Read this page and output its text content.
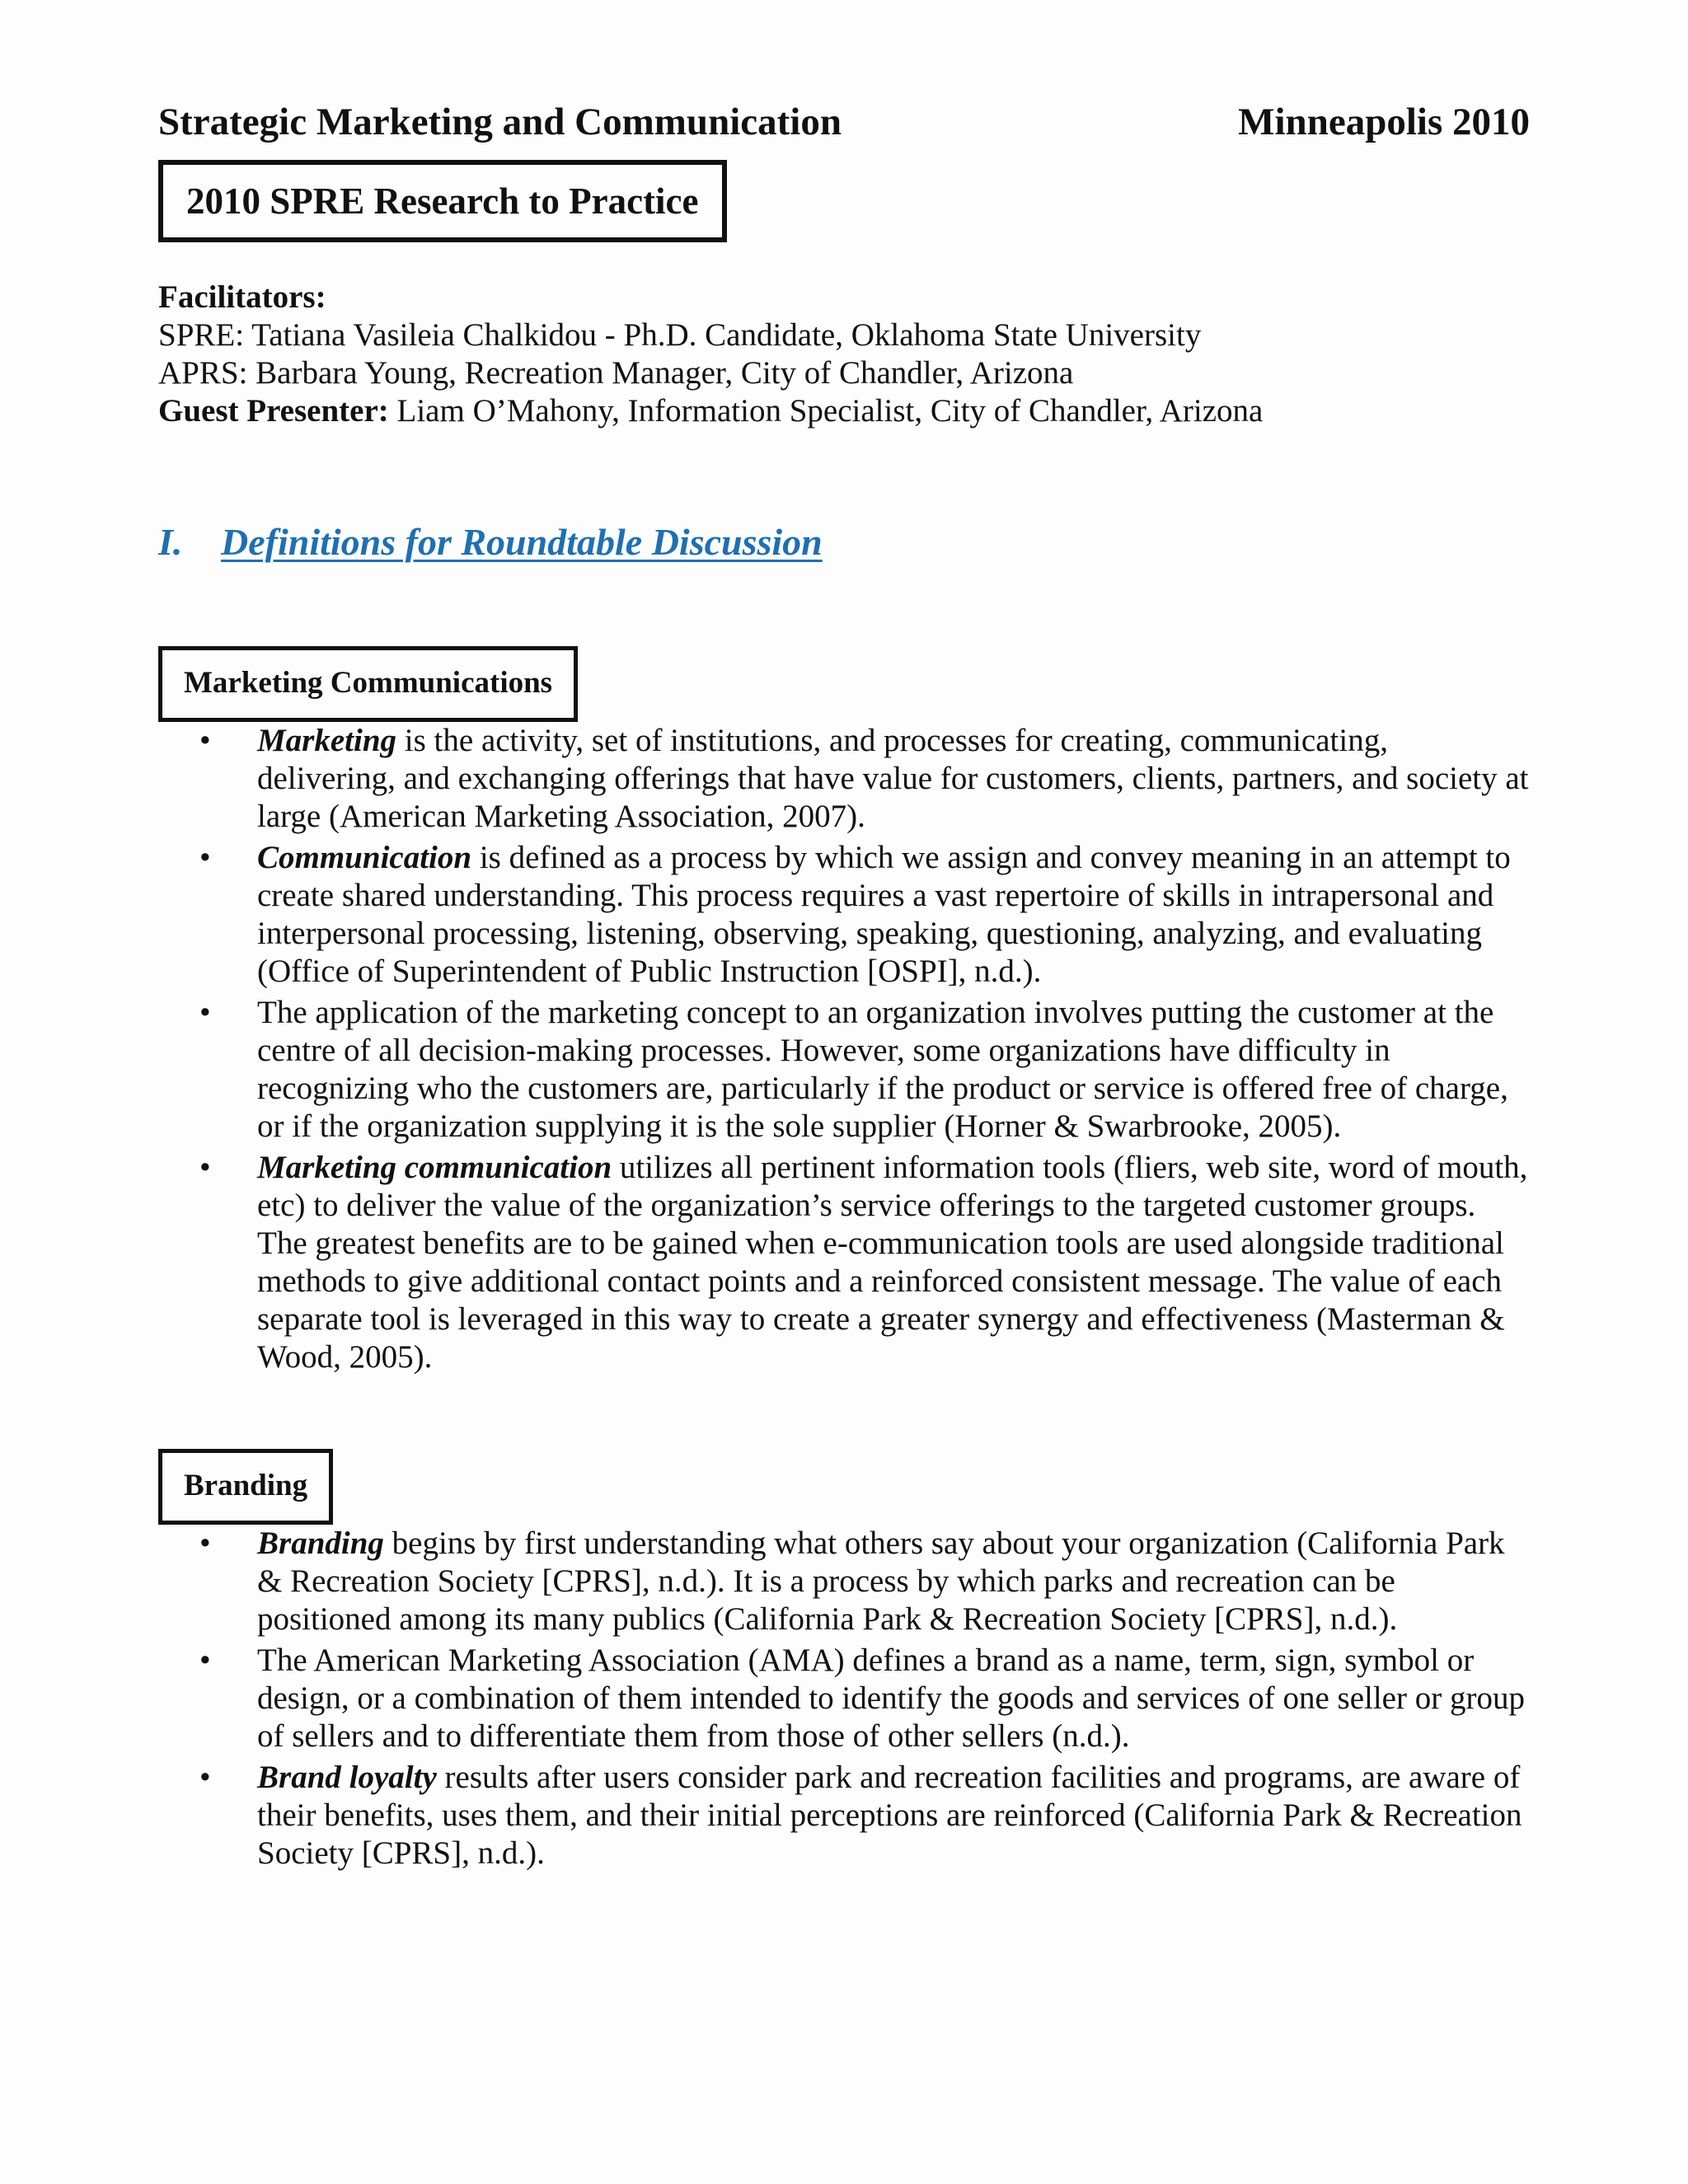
Strategic Marketing and Communication	Minneapolis 2010
2010 SPRE Research to Practice
Facilitators:
SPRE: Tatiana Vasileia Chalkidou - Ph.D. Candidate, Oklahoma State University
APRS: Barbara Young, Recreation Manager, City of Chandler, Arizona
Guest Presenter: Liam O’Mahony, Information Specialist, City of Chandler, Arizona
I.	Definitions for Roundtable Discussion
Marketing Communications
• Marketing is the activity, set of institutions, and processes for creating, communicating, delivering, and exchanging offerings that have value for customers, clients, partners, and society at large (American Marketing Association, 2007).
• Communication is defined as a process by which we assign and convey meaning in an attempt to create shared understanding. This process requires a vast repertoire of skills in intrapersonal and interpersonal processing, listening, observing, speaking, questioning, analyzing, and evaluating (Office of Superintendent of Public Instruction [OSPI], n.d.).
• The application of the marketing concept to an organization involves putting the customer at the centre of all decision-making processes. However, some organizations have difficulty in recognizing who the customers are, particularly if the product or service is offered free of charge, or if the organization supplying it is the sole supplier (Horner & Swarbrooke, 2005).
• Marketing communication utilizes all pertinent information tools (fliers, web site, word of mouth, etc) to deliver the value of the organization’s service offerings to the targeted customer groups. The greatest benefits are to be gained when e-communication tools are used alongside traditional methods to give additional contact points and a reinforced consistent message. The value of each separate tool is leveraged in this way to create a greater synergy and effectiveness (Masterman & Wood, 2005).
Branding
• Branding begins by first understanding what others say about your organization (California Park & Recreation Society [CPRS], n.d.). It is a process by which parks and recreation can be positioned among its many publics (California Park & Recreation Society [CPRS], n.d.).
• The American Marketing Association (AMA) defines a brand as a name, term, sign, symbol or design, or a combination of them intended to identify the goods and services of one seller or group of sellers and to differentiate them from those of other sellers (n.d.).
• Brand loyalty results after users consider park and recreation facilities and programs, are aware of their benefits, uses them, and their initial perceptions are reinforced (California Park & Recreation Society [CPRS], n.d.).
